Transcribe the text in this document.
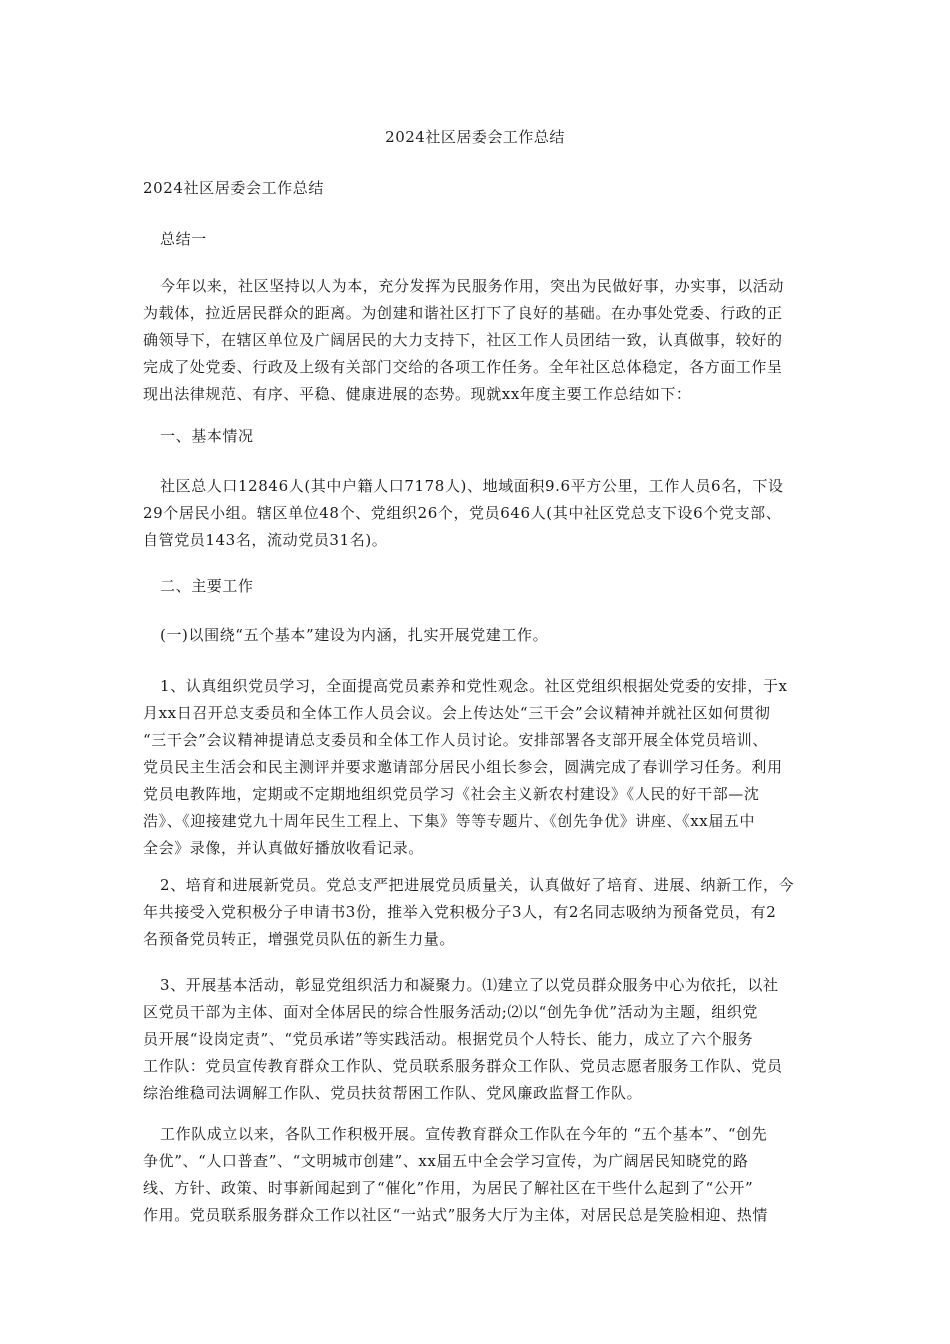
2024社区居委会工作总结
2024社区居委会工作总结
总结一
今年以来，社区坚持以人为本，充分发挥为民服务作用，突出为民做好事，办实事，以活动
为载体，拉近居民群众的距离。为创建和谐社区打下了良好的基础。在办事处党委、行政的正
确领导下，在辖区单位及广阔居民的大力支持下，社区工作人员团结一致，认真做事，较好的
完成了处党委、行政及上级有关部门交给的各项工作任务。全年社区总体稳定，各方面工作呈
现出法律规范、有序、平稳、健康进展的态势。现就xx年度主要工作总结如下：
一、基本情况
社区总人口12846人(其中户籍人口7178人)、地域面积9.6平方公里，工作人员6名，下设
29个居民小组。辖区单位48个、党组织26个，党员646人(其中社区党总支下设6个党支部、
自管党员143名，流动党员31名)。
二、主要工作
(一)以围绕“五个基本”建设为内涵，扎实开展党建工作。
1、认真组织党员学习，全面提高党员素养和党性观念。社区党组织根据处党委的安排，于x
月xx日召开总支委员和全体工作人员会议。会上传达处“三干会”会议精神并就社区如何贯彻
“三干会”会议精神提请总支委员和全体工作人员讨论。安排部署各支部开展全体党员培训、
党员民主生活会和民主测评并要求邀请部分居民小组长参会，圆满完成了春训学习任务。利用
党员电教阵地，定期或不定期地组织党员学习《社会主义新农村建设》《人民的好干部—沈
浩》、《迎接建党九十周年民生工程上、下集》等等专题片、《创先争优》讲座、《xx届五中
全会》录像，并认真做好播放收看记录。
2、培育和进展新党员。党总支严把进展党员质量关，认真做好了培育、进展、纳新工作，今
年共接受入党积极分子申请书3份，推举入党积极分子3人，有2名同志吸纳为预备党员，有2
名预备党员转正，增强党员队伍的新生力量。
3、开展基本活动，彰显党组织活力和凝聚力。⑴建立了以党员群众服务中心为依托，以社
区党员干部为主体、面对全体居民的综合性服务活动;⑵以“创先争优”活动为主题，组织党
员开展“设岗定责”、“党员承诺”等实践活动。根据党员个人特长、能力，成立了六个服务
工作队：党员宣传教育群众工作队、党员联系服务群众工作队、党员志愿者服务工作队、党员
综治维稳司法调解工作队、党员扶贫帮困工作队、党风廉政监督工作队。
工作队成立以来，各队工作积极开展。宣传教育群众工作队在今年的 “五个基本”、“创先
争优”、“人口普查”、“文明城市创建”、xx届五中全会学习宣传，为广阔居民知晓党的路
线、方针、政策、时事新闻起到了“催化”作用，为居民了解社区在干些什么起到了“公开”
作用。党员联系服务群众工作以社区“一站式”服务大厅为主体，对居民总是笑脸相迎、热情
